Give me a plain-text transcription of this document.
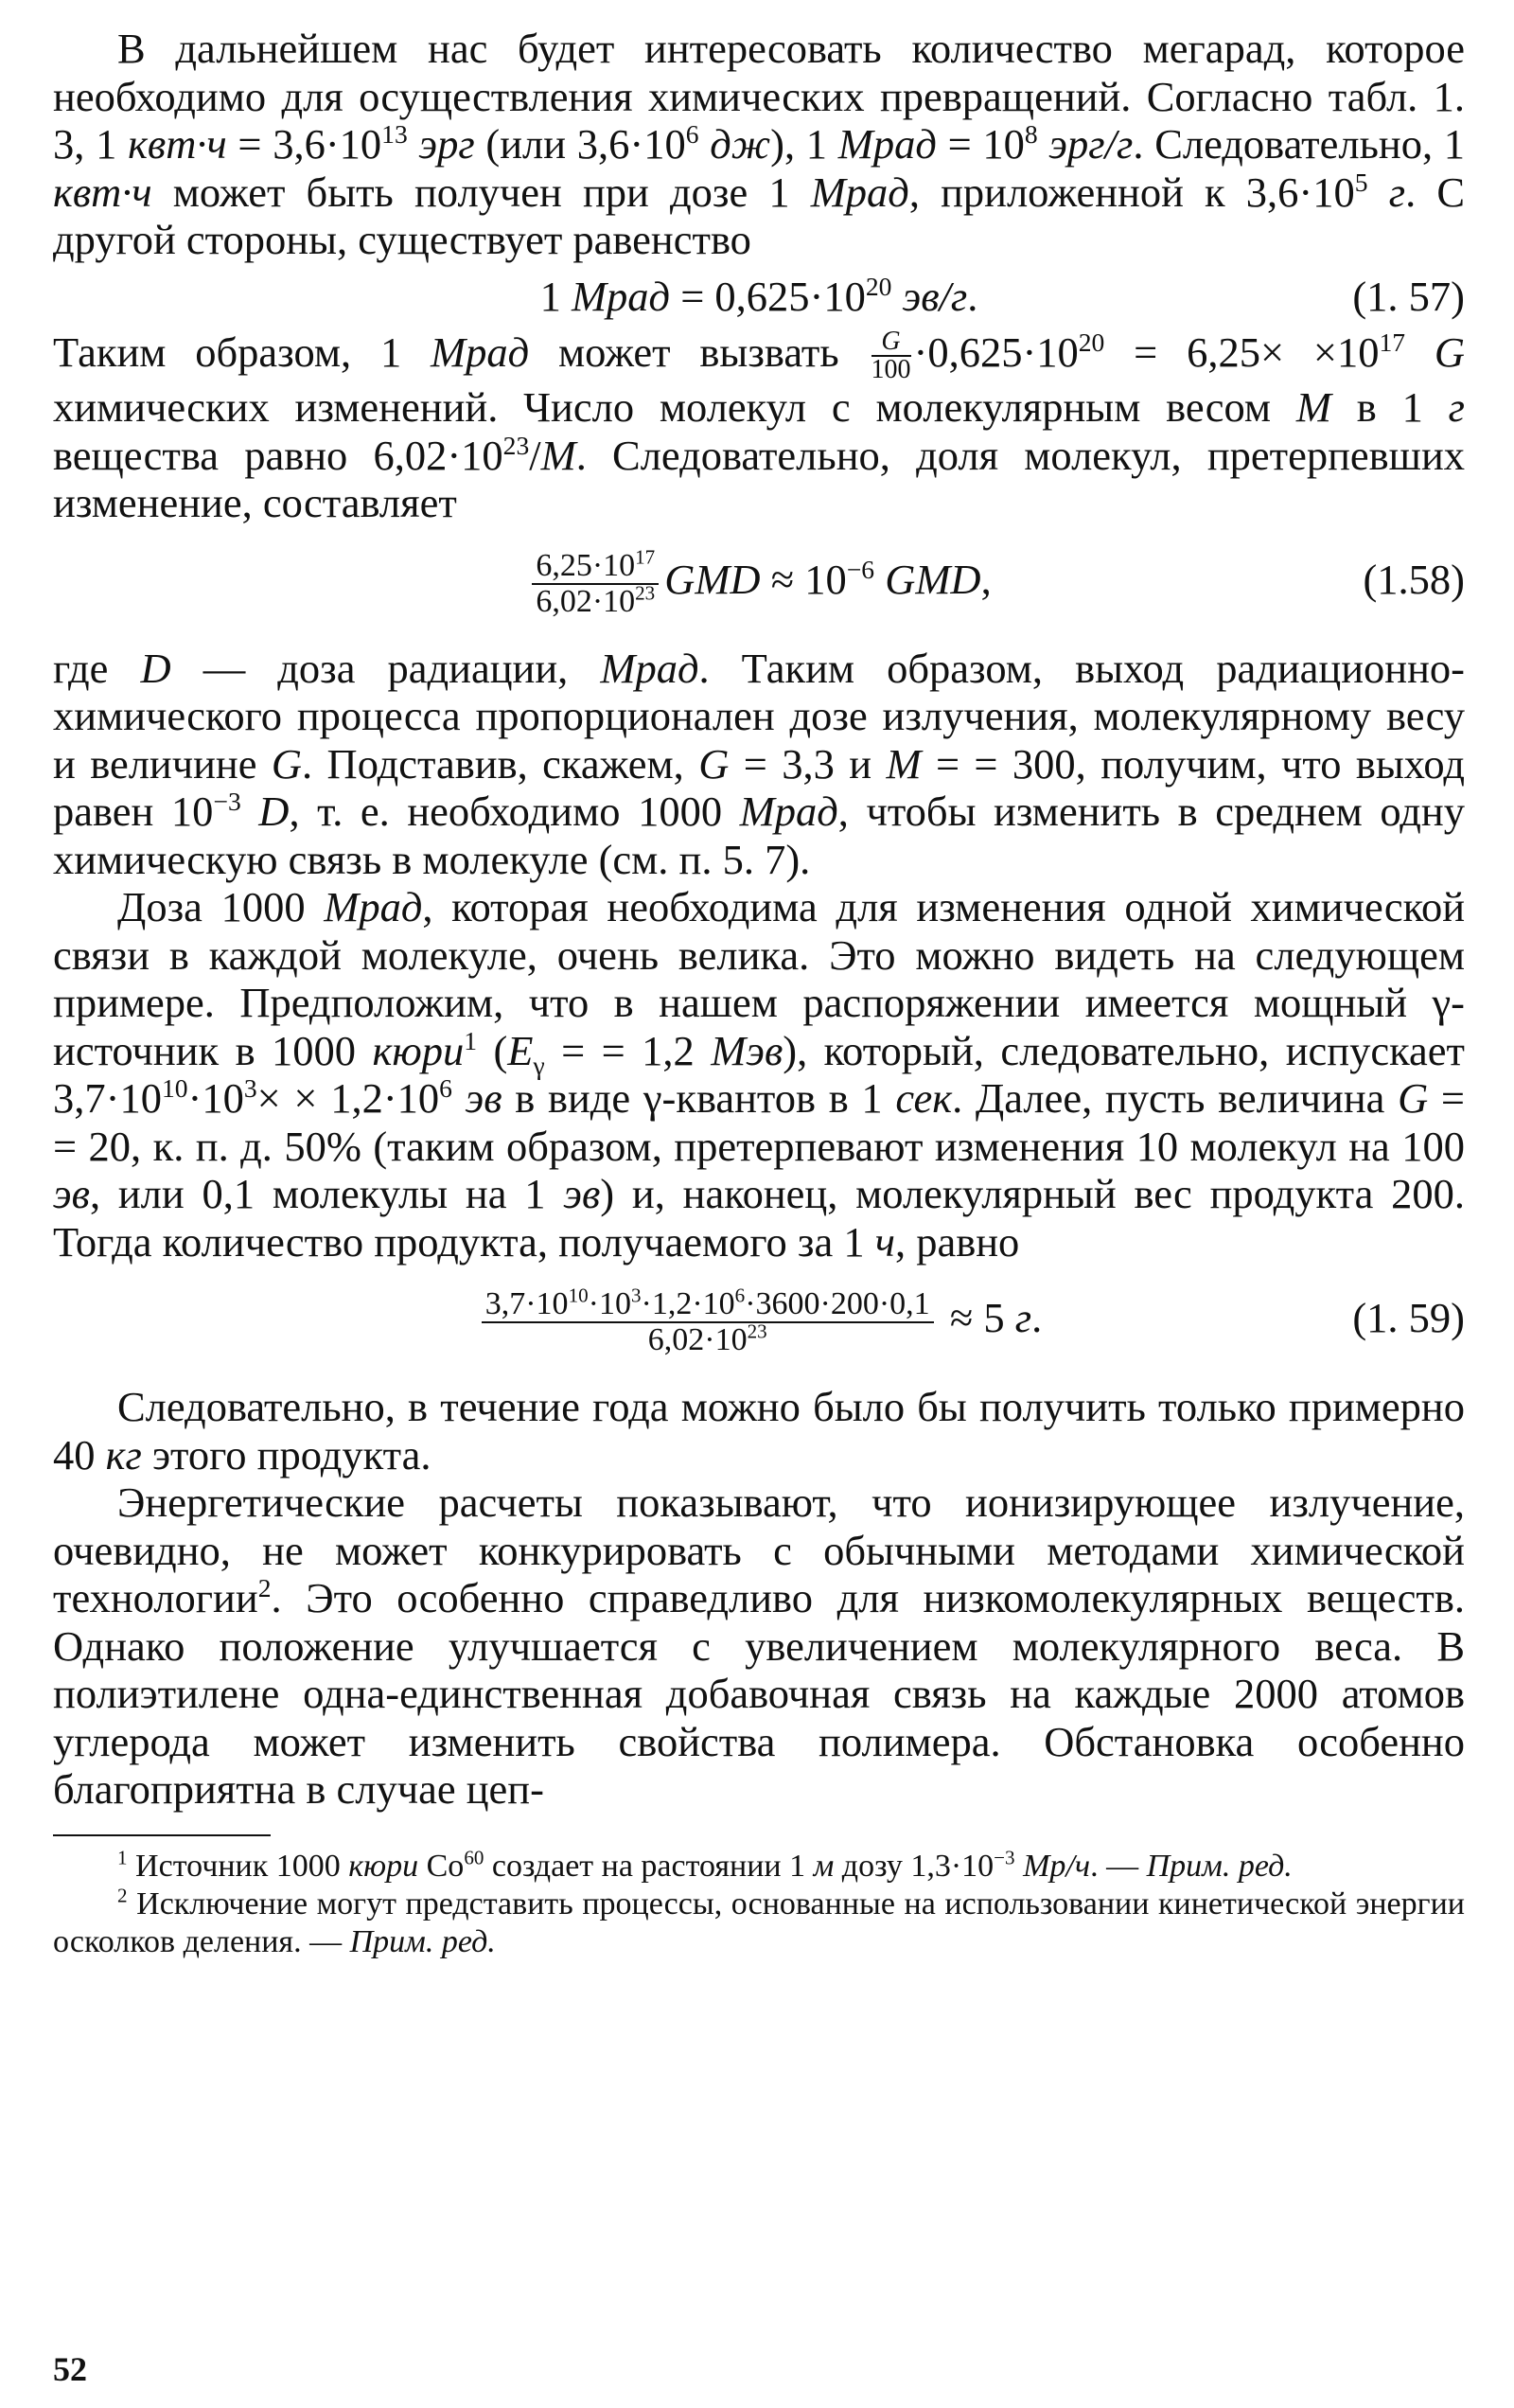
В дальнейшем нас будет интересовать количество мегарад, которое необходимо для осуществления химических превращений. Согласно табл. 1. 3, 1 $квт\cdot ч = 3,6\cdot 10^{13}$ эрг (или $3,6\cdot 10^6$ дж), 1 Мрад = $10^8$ эрг/г. Следовательно, 1 квт·ч может быть получен при дозе 1 Мрад, приложенной к $3,6\cdot 10^5$ г. С другой стороны, существует равенство

1 Мрад = $0,625\cdot 10^{20}$ эв/г.	(1. 57)

Таким образом, 1 Мрад может вызвать $\frac{G}{100} \cdot 0,625\cdot 10^{20} = 6,25\times \times 10^{17}$ G химических изменений. Число молекул с молекулярным весом M в 1 г вещества равно $6,02\cdot 10^{23}/M$. Следовательно, доля молекул, претерпевших изменение, составляет

$\frac{6,25\cdot 10^{17}}{6,02\cdot 10^{23}}$ GMD ≈ $10^{-6}$ GMD,	(1.58)

где D — доза радиации, Мрад. Таким образом, выход радиационно-химического процесса пропорционален дозе излучения, молекулярному весу и величине G. Подставив, скажем, G = 3,3 и M = = 300, получим, что выход равен $10^{-3}$ D, т. е. необходимо 1000 Мрад, чтобы изменить в среднем одну химическую связь в молекуле (см. п. 5. 7).

Доза 1000 Мрад, которая необходима для изменения одной химической связи в каждой молекуле, очень велика. Это можно видеть на следующем примере. Предположим, что в нашем распоряжении имеется мощный γ-источник в 1000 кюри$^1$ ($E_\gamma$ = = 1,2 Мэв), который, следовательно, испускает $3,7\cdot 10^{10}\cdot 10^3\times \times 1,2\cdot 10^6$ эв в виде γ-квантов в 1 сек. Далее, пусть величина G = = 20, к. п. д. 50% (таким образом, претерпевают изменения 10 молекул на 100 эв, или 0,1 молекулы на 1 эв) и, наконец, молекулярный вес продукта 200. Тогда количество продукта, получаемого за 1 ч, равно

$\frac{3,7\cdot 10^{10}\cdot 10^3\cdot 1,2\cdot 10^6\cdot 3600\cdot 200\cdot 0,1}{6,02\cdot 10^{23}} \approx 5$ г.	(1. 59)

Следовательно, в течение года можно было бы получить только примерно 40 кг этого продукта.

Энергетические расчеты показывают, что ионизирующее излучение, очевидно, не может конкурировать с обычными методами химической технологии$^2$. Это особенно справедливо для низкомолекулярных веществ. Однако положение улучшается с увеличением молекулярного веса. В полиэтилене одна-единственная добавочная связь на каждые 2000 атомов углерода может изменить свойства полимера. Обстановка особенно благоприятна в случае цеп-

$^1$ Источник 1000 кюри Co$^{60}$ создает на растоянии 1 м дозу $1,3\cdot 10^{-3}$ Мр/ч. — Прим. ред.

$^2$ Исключение могут представить процессы, основанные на использовании кинетической энергии осколков деления. — Прим. ред.

52
